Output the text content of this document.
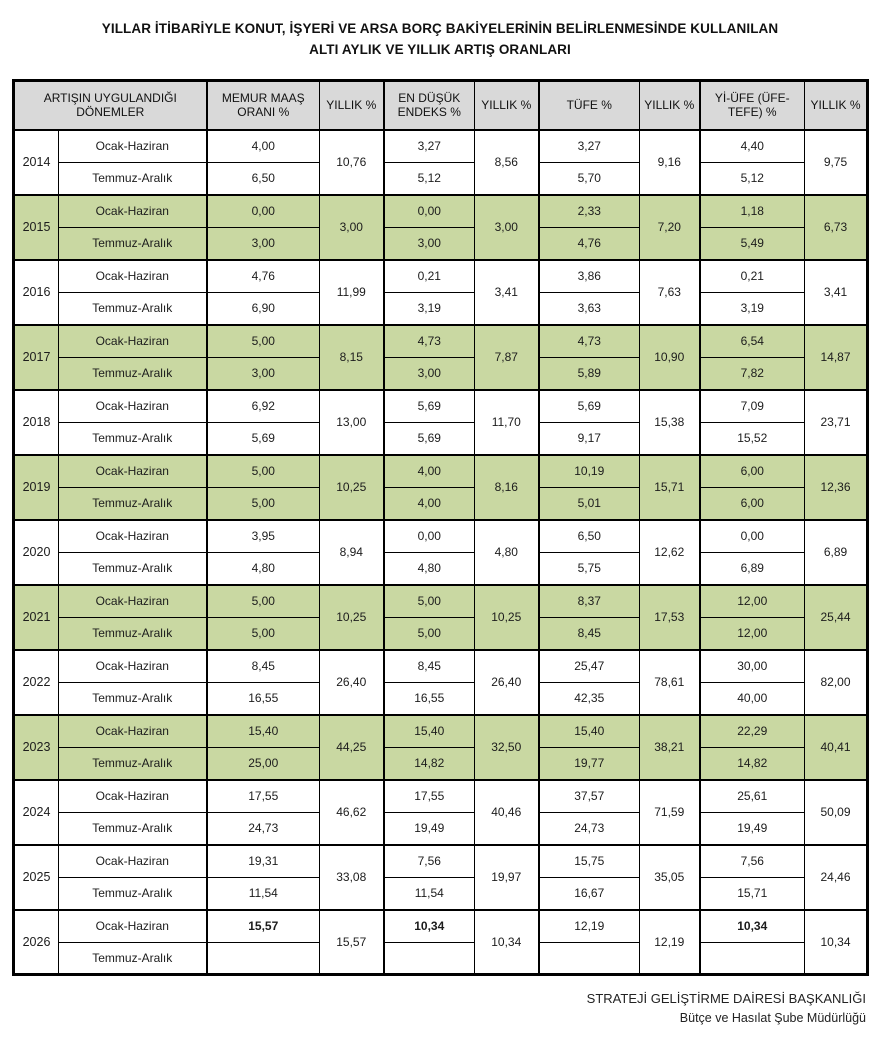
YILLAR İTİBARİYLE KONUT, İŞYERİ VE ARSA BORÇ BAKİYELERİNİN BELİRLENMESİNDE KULLANILAN
ALTI AYLIK VE YILLIK ARTIŞ ORANLARI
ARTIŞIN UYGULANDIĞI DÖNEMLER		MEMUR MAAŞ ORANI %	YILLIK %	EN DÜŞÜK ENDEKS %	YILLIK %	TÜFE %	YILLIK %	Yİ-ÜFE (ÜFE-TEFE) %	YILLIK %
2014	Ocak-Haziran	4,00	10,76	3,27	8,56	3,27	9,16	4,40	9,75
	Temmuz-Aralık	6,50		5,12		5,70		5,12	
2015	Ocak-Haziran	0,00	3,00	0,00	3,00	2,33	7,20	1,18	6,73
	Temmuz-Aralık	3,00		3,00		4,76		5,49	
2016	Ocak-Haziran	4,76	11,99	0,21	3,41	3,86	7,63	0,21	3,41
	Temmuz-Aralık	6,90		3,19		3,63		3,19	
2017	Ocak-Haziran	5,00	8,15	4,73	7,87	4,73	10,90	6,54	14,87
	Temmuz-Aralık	3,00		3,00		5,89		7,82	
2018	Ocak-Haziran	6,92	13,00	5,69	11,70	5,69	15,38	7,09	23,71
	Temmuz-Aralık	5,69		5,69		9,17		15,52	
2019	Ocak-Haziran	5,00	10,25	4,00	8,16	10,19	15,71	6,00	12,36
	Temmuz-Aralık	5,00		4,00		5,01		6,00	
2020	Ocak-Haziran	3,95	8,94	0,00	4,80	6,50	12,62	0,00	6,89
	Temmuz-Aralık	4,80		4,80		5,75		6,89	
2021	Ocak-Haziran	5,00	10,25	5,00	10,25	8,37	17,53	12,00	25,44
	Temmuz-Aralık	5,00		5,00		8,45		12,00	
2022	Ocak-Haziran	8,45	26,40	8,45	26,40	25,47	78,61	30,00	82,00
	Temmuz-Aralık	16,55		16,55		42,35		40,00	
2023	Ocak-Haziran	15,40	44,25	15,40	32,50	15,40	38,21	22,29	40,41
	Temmuz-Aralık	25,00		14,82		19,77		14,82	
2024	Ocak-Haziran	17,55	46,62	17,55	40,46	37,57	71,59	25,61	50,09
	Temmuz-Aralık	24,73		19,49		24,73		19,49	
2025	Ocak-Haziran	19,31	33,08	7,56	19,97	15,75	35,05	7,56	24,46
	Temmuz-Aralık	11,54		11,54		16,67		15,71	
2026	Ocak-Haziran	15,57	15,57	10,34	10,34	12,19	12,19	10,34	10,34
	Temmuz-Aralık								
STRATEJİ GELİŞTİRME DAİRESİ BAŞKANLIĞI
Bütçe ve Hasılat Şube Müdürlüğü
